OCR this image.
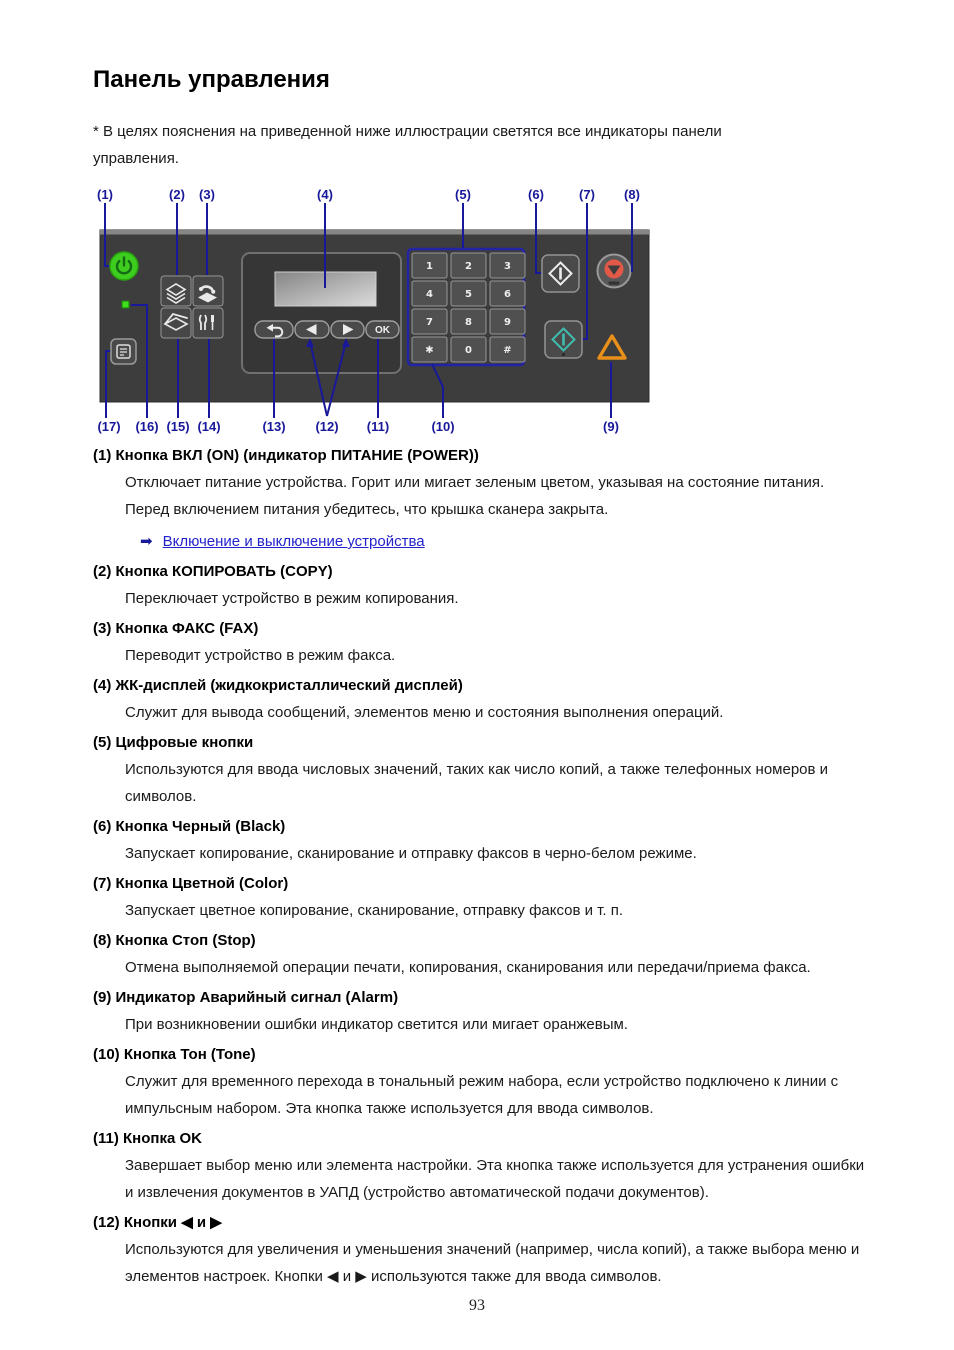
Панель управления

* В целях пояснения на приведенной ниже иллюстрации светятся все индикаторы панели управления.

OK
1	2	3
4	5	6
7	8	9
✱	0	#
(1)	(2) (3)	(4)	(5)	(6)	(7) (8)
(17) (16) (15) (14)	(13) (12) (11)	(10)	(9)
(1) Кнопка ВКЛ (ON) (индикатор ПИТАНИЕ (POWER))
Отключает питание устройства. Горит или мигает зеленым цветом, указывая на состояние питания. Перед включением питания убедитесь, что крышка сканера закрыта.
➡ Включение и выключение устройства
(2) Кнопка КОПИРОВАТЬ (COPY)
Переключает устройство в режим копирования.
(3) Кнопка ФАКС (FAX)
Переводит устройство в режим факса.
(4) ЖК-дисплей (жидкокристаллический дисплей)
Служит для вывода сообщений, элементов меню и состояния выполнения операций.
(5) Цифровые кнопки
Используются для ввода числовых значений, таких как число копий, а также телефонных номеров и символов.
(6) Кнопка Черный (Black)
Запускает копирование, сканирование и отправку факсов в черно-белом режиме.
(7) Кнопка Цветной (Color)
Запускает цветное копирование, сканирование, отправку факсов и т. п.
(8) Кнопка Стоп (Stop)
Отмена выполняемой операции печати, копирования, сканирования или передачи/приема факса.
(9) Индикатор Аварийный сигнал (Alarm)
При возникновении ошибки индикатор светится или мигает оранжевым.
(10) Кнопка Тон (Tone)
Служит для временного перехода в тональный режим набора, если устройство подключено к линии с импульсным набором. Эта кнопка также используется для ввода символов.
(11) Кнопка OK
Завершает выбор меню или элемента настройки. Эта кнопка также используется для устранения ошибки и извлечения документов в УАПД (устройство автоматической подачи документов).
(12) Кнопки ◀ и ▶
Используются для увеличения и уменьшения значений (например, числа копий), а также выбора меню и элементов настроек. Кнопки ◀ и ▶ используются также для ввода символов.
93
